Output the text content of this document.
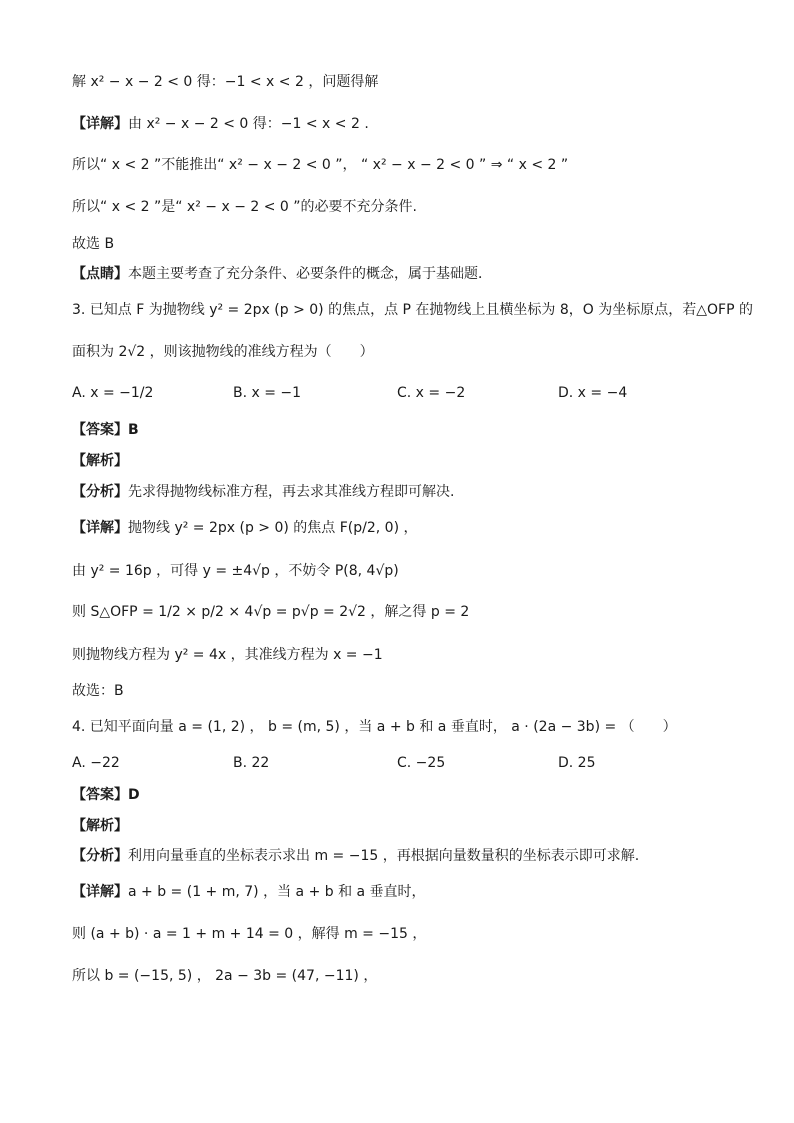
解 x² − x − 2 < 0 得：−1 < x < 2 ，问题得解
【详解】由 x² − x − 2 < 0 得：−1 < x < 2 .
所以“ x < 2 ”不能推出“ x² − x − 2 < 0 ”， “ x² − x − 2 < 0 ” ⇒ “ x < 2 ”
所以“ x < 2 ”是“ x² − x − 2 < 0 ”的必要不充分条件.
故选 B
【点睛】本题主要考查了充分条件、必要条件的概念，属于基础题．
3. 已知点 F 为抛物线 y² = 2px (p > 0) 的焦点，点 P 在抛物线上且横坐标为 8，O 为坐标原点，若△OFP 的
面积为 2√2 ，则该抛物线的准线方程为（　　）
A. x = −1/2	B. x = −1	C. x = −2	D. x = −4
【答案】B
【解析】
【分析】先求得抛物线标准方程，再去求其准线方程即可解决.
【详解】抛物线 y² = 2px (p > 0) 的焦点 F(p/2, 0) ，
由 y² = 16p ，可得 y = ±4√p ，不妨令 P(8, 4√p)
则 S△OFP = 1/2 × p/2 × 4√p = p√p = 2√2 ，解之得 p = 2
则抛物线方程为 y² = 4x ，其准线方程为 x = −1
故选：B
4. 已知平面向量 a = (1, 2) ， b = (m, 5) ，当 a + b 和 a 垂直时， a · (2a − 3b) = （　　）
A. −22	B. 22	C. −25	D. 25
【答案】D
【解析】
【分析】利用向量垂直的坐标表示求出 m = −15 ，再根据向量数量积的坐标表示即可求解.
【详解】a + b = (1 + m, 7) ，当 a + b 和 a 垂直时，
则 (a + b) · a = 1 + m + 14 = 0 ，解得 m = −15 ，
所以 b = (−15, 5) ， 2a − 3b = (47, −11) ，
